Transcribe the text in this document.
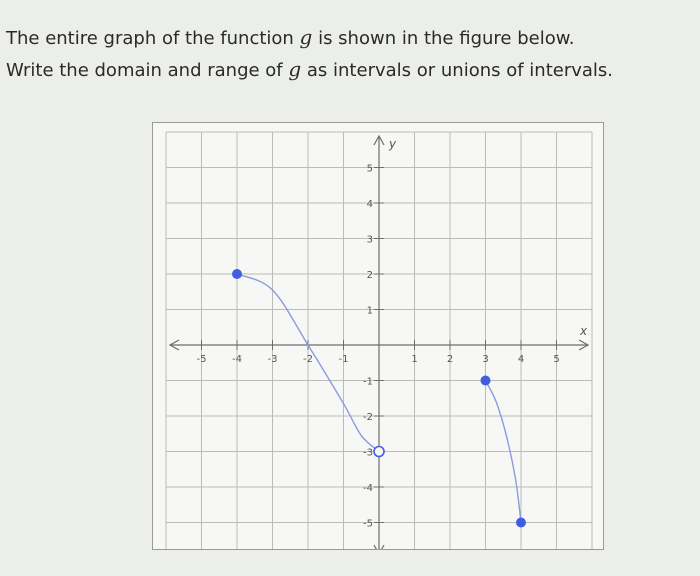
The entire graph of the function g is shown in the figure below.
Write the domain and range of g as intervals or unions of intervals.
x
y
-5	-4	-3	-2	-1	1	2	3	4	5
5
4
3
2
1
-1
-2
-3
-4
-5
